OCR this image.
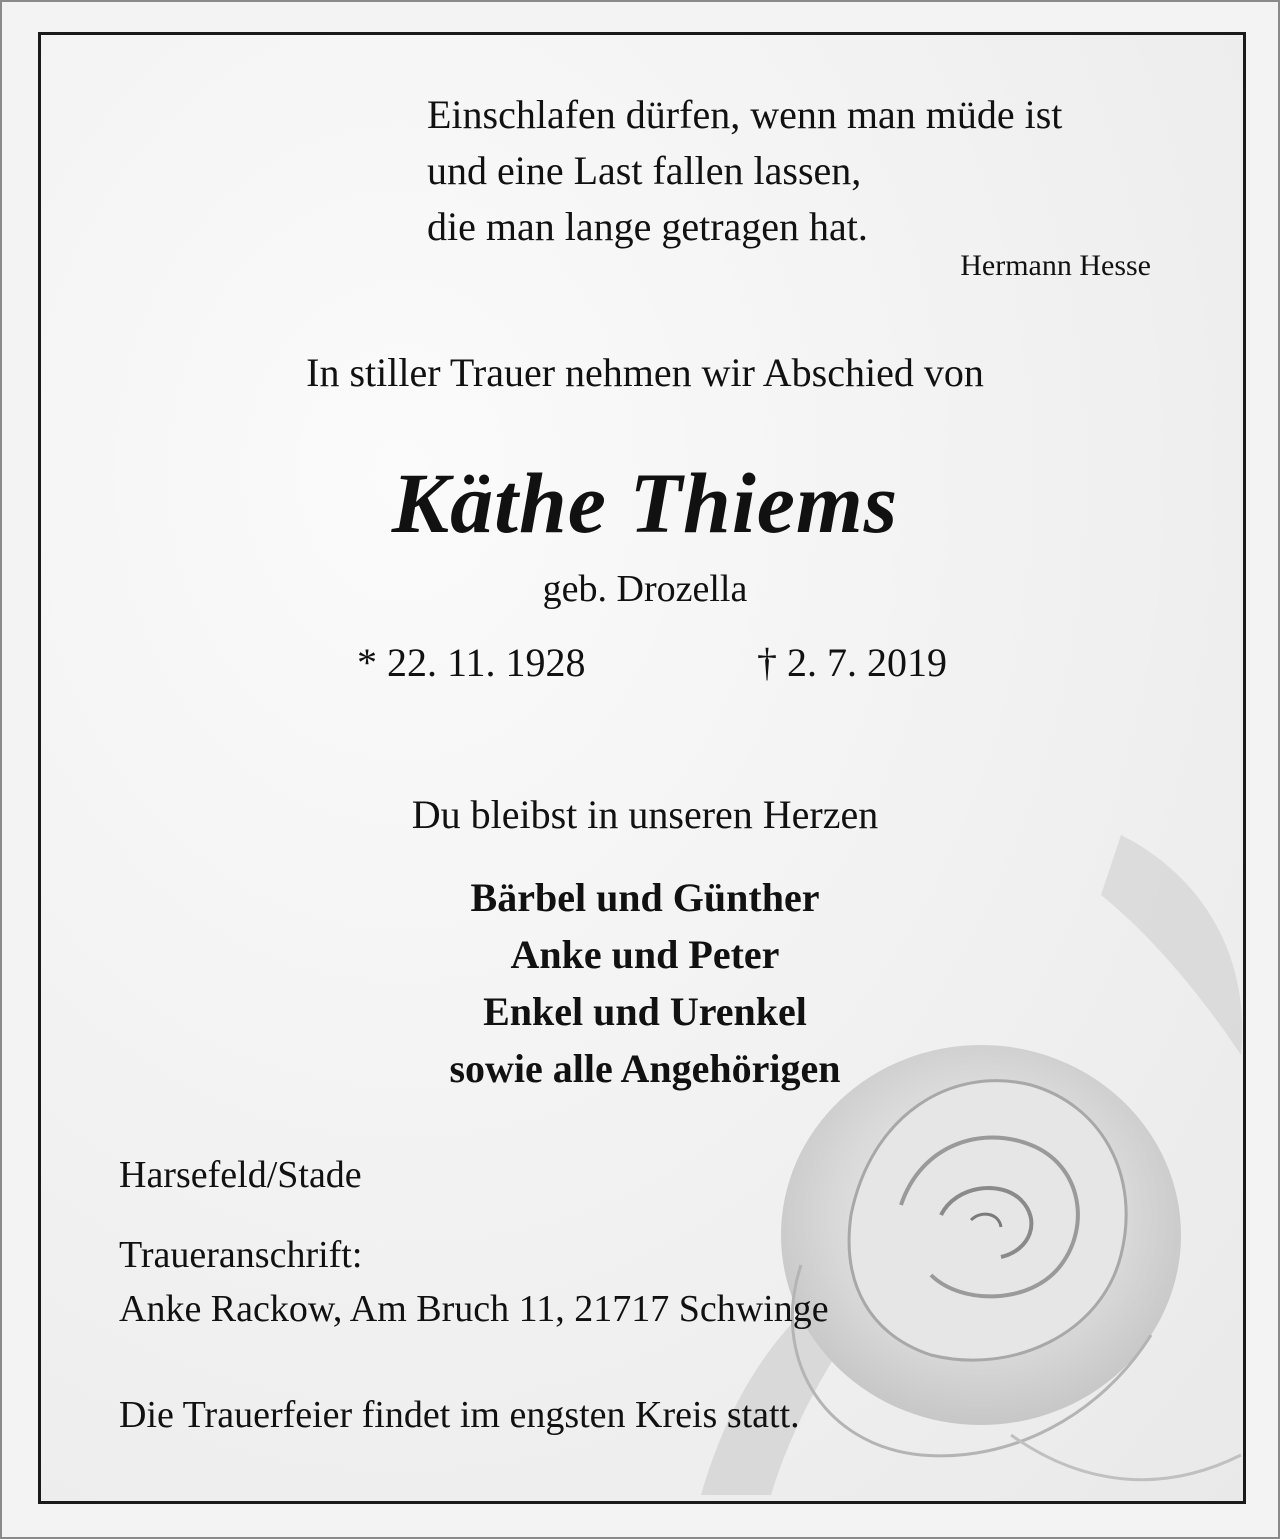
Einschlafen dürfen, wenn man müde ist
und eine Last fallen lassen,
die man lange getragen hat.
Hermann Hesse
In stiller Trauer nehmen wir Abschied von
Käthe Thiems
geb. Drozella
* 22. 11. 1928	† 2. 7. 2019
Du bleibst in unseren Herzen
Bärbel und Günther
Anke und Peter
Enkel und Urenkel
sowie alle Angehörigen
Harsefeld/Stade
Traueranschrift:
Anke Rackow, Am Bruch 11, 21717 Schwinge
Die Trauerfeier findet im engsten Kreis statt.
